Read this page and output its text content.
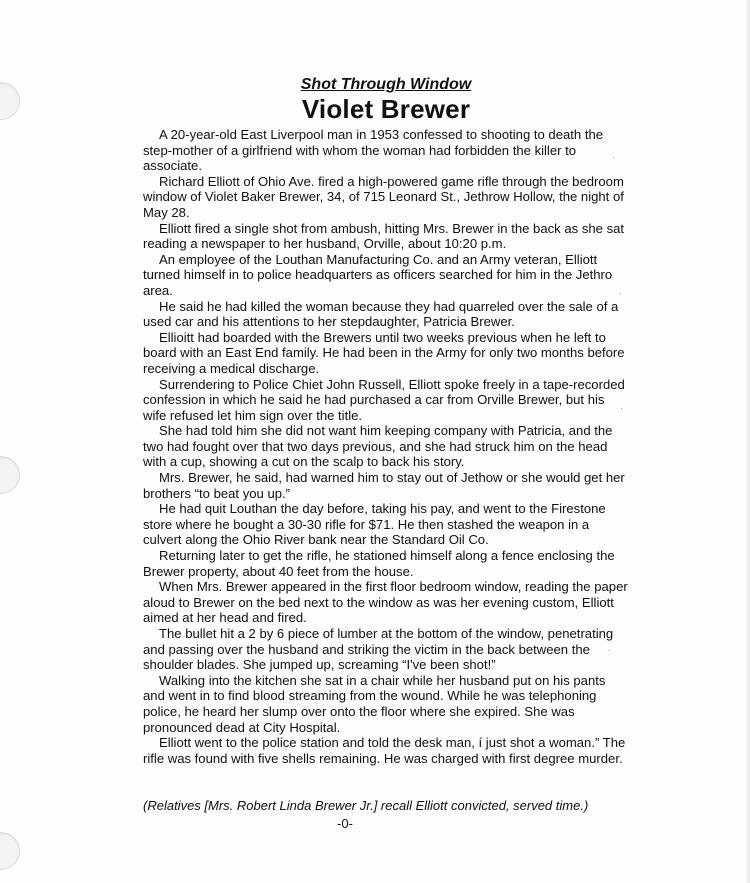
Shot Through Window
Violet Brewer

A 20-year-old East Liverpool man in 1953 confessed to shooting to death the step-mother of a girlfriend with whom the woman had forbidden the killer to associate.

Richard Elliott of Ohio Ave. fired a high-powered game rifle through the bedroom window of Violet Baker Brewer, 34, of 715 Leonard St., Jethrow Hollow, the night of May 28.

Elliott fired a single shot from ambush, hitting Mrs. Brewer in the back as she sat reading a newspaper to her husband, Orville, about 10:20 p.m.

An employee of the Louthan Manufacturing Co. and an Army veteran, Elliott turned himself in to police headquarters as officers searched for him in the Jethro area.

He said he had killed the woman because they had quarreled over the sale of a used car and his attentions to her stepdaughter, Patricia Brewer.

Ellioitt had boarded with the Brewers until two weeks previous when he left to board with an East End family. He had been in the Army for only two months before receiving a medical discharge.

Surrendering to Police Chiet John Russell, Elliott spoke freely in a tape-recorded confession in which he said he had purchased a car from Orville Brewer, but his wife refused let him sign over the title.

She had told him she did not want him keeping company with Patricia, and the two had fought over that two days previous, and she had struck him on the head with a cup, showing a cut on the scalp to back his story.

Mrs. Brewer, he said, had warned him to stay out of Jethow or she would get her brothers “to beat you up.”

He had quit Louthan the day before, taking his pay, and went to the Firestone store where he bought a 30-30 rifle for $71. He then stashed the weapon in a culvert along the Ohio River bank near the Standard Oil Co.

Returning later to get the rifle, he stationed himself along a fence enclosing the Brewer property, about 40 feet from the house.

When Mrs. Brewer appeared in the first floor bedroom window, reading the paper aloud to Brewer on the bed next to the window as was her evening custom, Elliott aimed at her head and fired.

The bullet hit a 2 by 6 piece of lumber at the bottom of the window, penetrating and passing over the husband and striking the victim in the back between the shoulder blades. She jumped up, screaming “I've been shot!”

Walking into the kitchen she sat in a chair while her husband put on his pants and went in to find blood streaming from the wound. While he was telephoning police, he heard her slump over onto the floor where she expired. She was pronounced dead at City Hospital.

Elliott went to the police station and told the desk man, í just shot a woman.” The rifle was found with five shells remaining. He was charged with first degree murder.

(Relatives [Mrs. Robert Linda Brewer Jr.] recall Elliott convicted, served time.)

-0-

·
·
·
·
